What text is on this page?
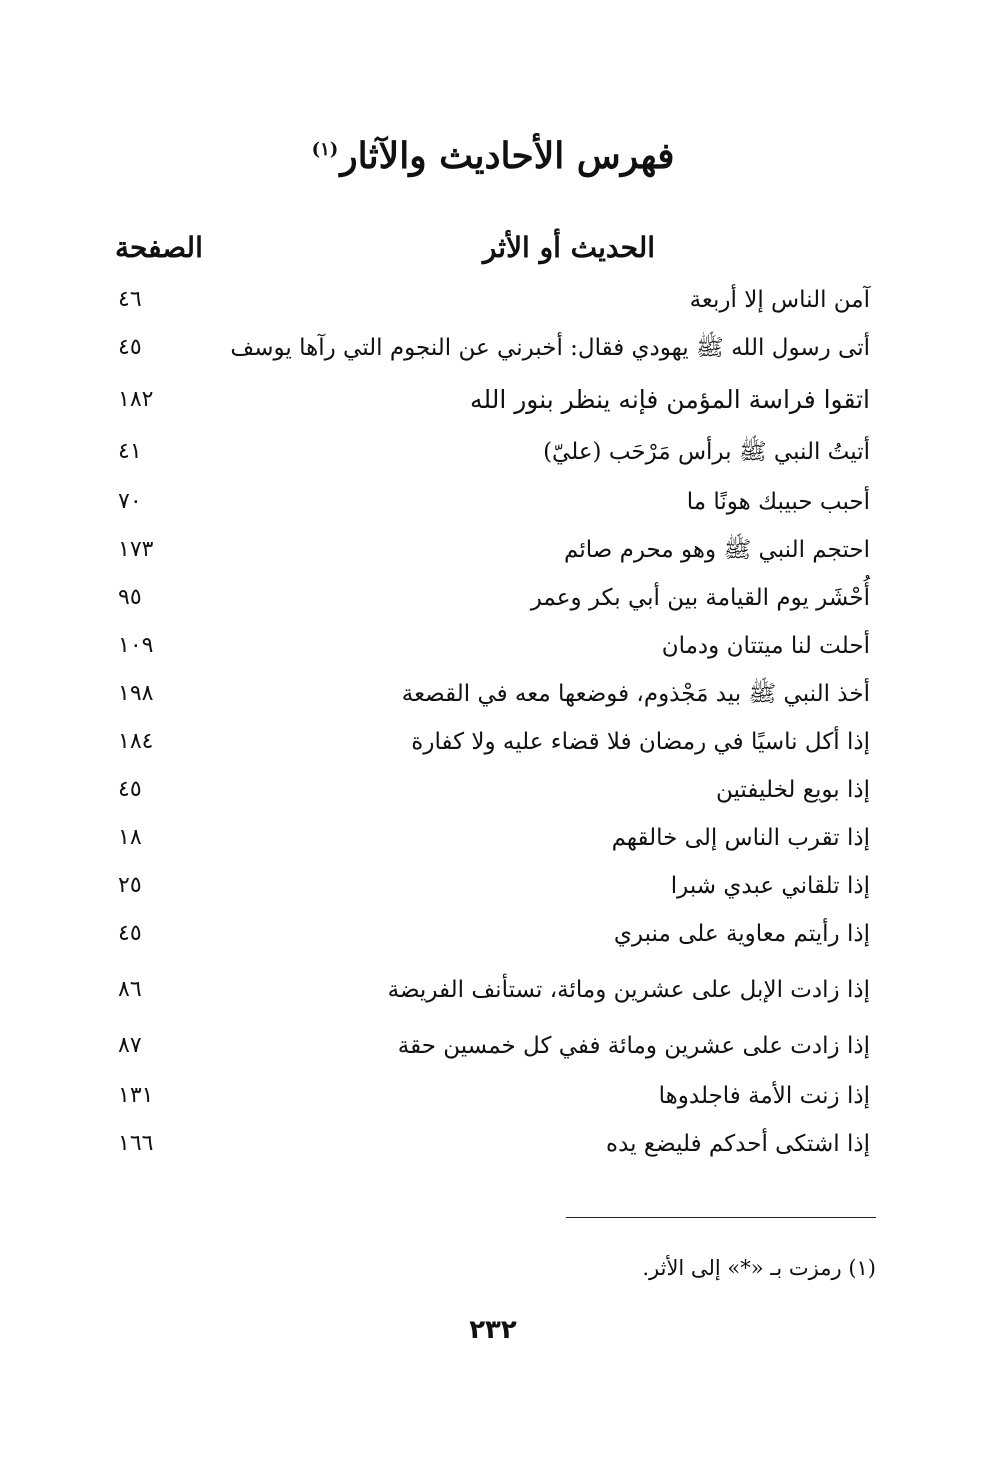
فهرس الأحاديث والآثار$^{(١)}$
الحديث أو الأثر
الصفحة
آمن الناس إلا أربعة
٤٦
أتى رسول الله ﷺ يهودي فقال: أخبرني عن النجوم التي رآها يوسف
٤٥
اتقوا فراسة المؤمن فإنه ينظر بنور الله
١٨٢
أتيتُ النبي ﷺ برأس مَرْحَب (عليّ)
٤١
أحبب حبيبك هونًا ما
٧٠
احتجم النبي ﷺ وهو محرم صائم
١٧٣
أُحْشَر يوم القيامة بين أبي بكر وعمر
٩٥
أحلت لنا ميتتان ودمان
١٠٩
أخذ النبي ﷺ بيد مَجْذوم، فوضعها معه في القصعة
١٩٨
إذا أكل ناسيًا في رمضان فلا قضاء عليه ولا كفارة
١٨٤
إذا بويع لخليفتين
٤٥
إذا تقرب الناس إلى خالقهم
١٨
إذا تلقاني عبدي شبرا
٢٥
إذا رأيتم معاوية على منبري
٤٥
إذا زادت الإبل على عشرين ومائة، تستأنف الفريضة
٨٦
إذا زادت على عشرين ومائة ففي كل خمسين حقة
٨٧
إذا زنت الأمة فاجلدوها
١٣١
إذا اشتكى أحدكم فليضع يده
١٦٦
(١) رمزت بـ «*» إلى الأثر.
٢٣٢
